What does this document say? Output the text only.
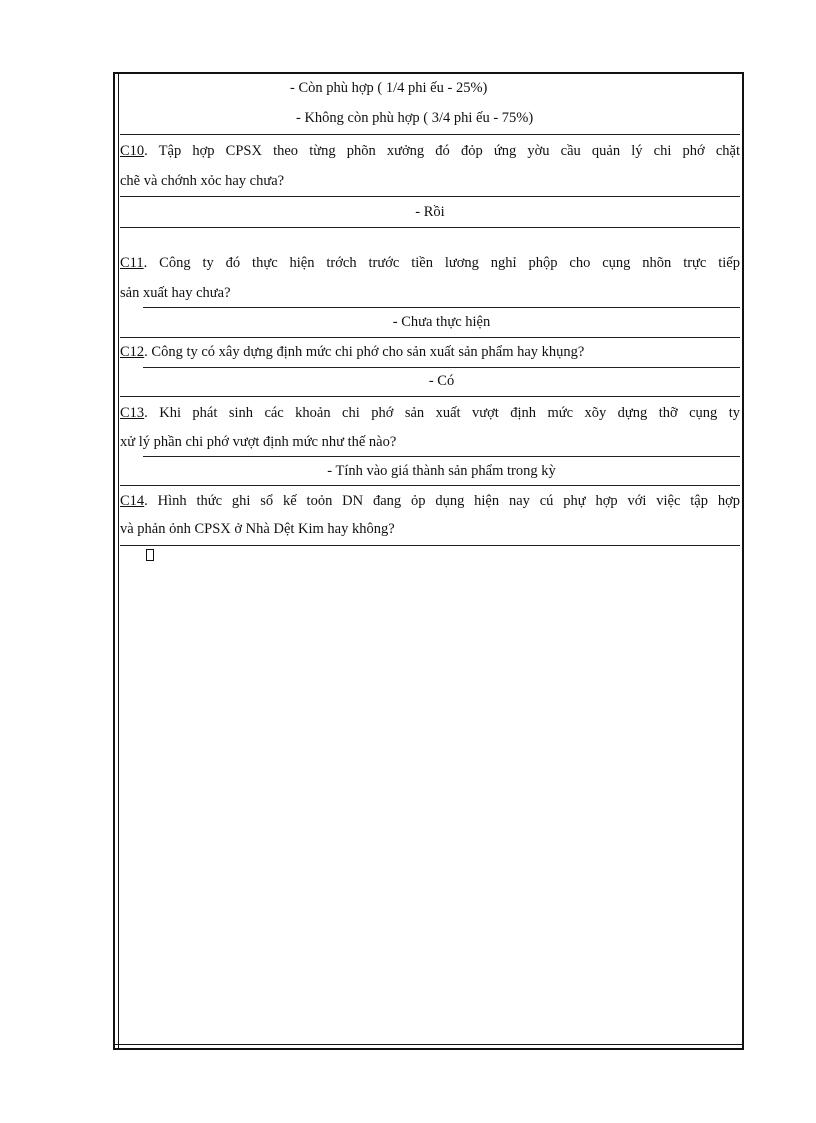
- Còn phù hợp ( 1/4 phi ếu - 25%)
- Không còn phù hợp ( 3/4 phi ếu - 75%)
C10. Tập hợp CPSX theo từng phõn xưởng đó đỏp ứng yờu cầu quản lý chi phớ chặt
chẽ và chớnh xỏc hay chưa?
- Rồi
C11. Công ty đó thực hiện trớch trước tiền lương nghỉ phộp cho cụng nhõn trực tiếp
sản xuất hay chưa?
- Chưa thực hiện
C12. Công ty có xây dựng định mức chi phớ cho sản xuất sản phẩm hay khụng?
- Có
C13. Khi phát sinh các khoản chi phớ sản xuất vượt định mức xõy dựng thỡ cụng ty
xử lý phần chi phớ vượt định mức như thế nào?
- Tính vào giá thành sản phẩm trong kỳ
C14. Hình thức ghi sổ kế toỏn DN đang ỏp dụng hiện nay cú phự hợp với việc tập hợp
và phản ỏnh CPSX ở Nhà Dệt Kim hay không?
